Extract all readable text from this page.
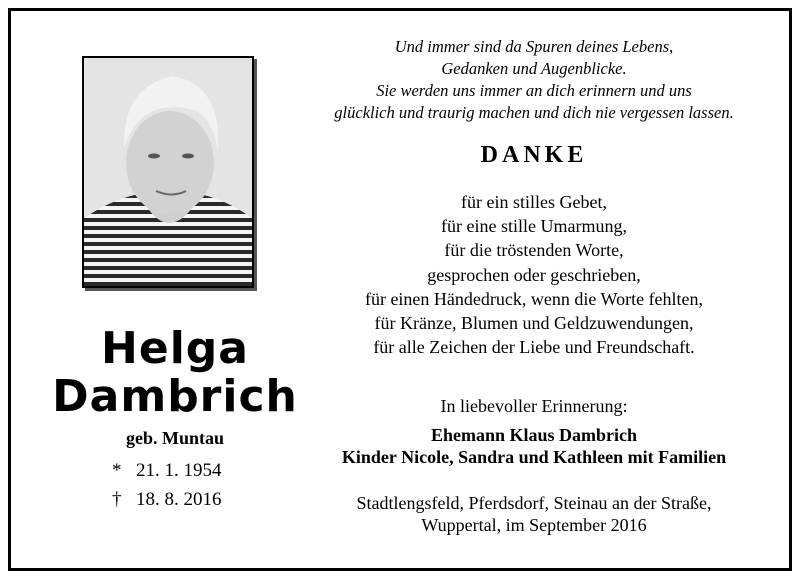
Helga
Dambrich
geb. Muntau
* 21. 1. 1954
† 18. 8. 2016
Und immer sind da Spuren deines Lebens,
Gedanken und Augenblicke.
Sie werden uns immer an dich erinnern und uns
glücklich und traurig machen und dich nie vergessen lassen.
DANKE
für ein stilles Gebet,
für eine stille Umarmung,
für die tröstenden Worte,
gesprochen oder geschrieben,
für einen Händedruck, wenn die Worte fehlten,
für Kränze, Blumen und Geldzuwendungen,
für alle Zeichen der Liebe und Freundschaft.
In liebevoller Erinnerung:
Ehemann Klaus Dambrich
Kinder Nicole, Sandra und Kathleen mit Familien
Stadtlengsfeld, Pferdsdorf, Steinau an der Straße,
Wuppertal, im September 2016
